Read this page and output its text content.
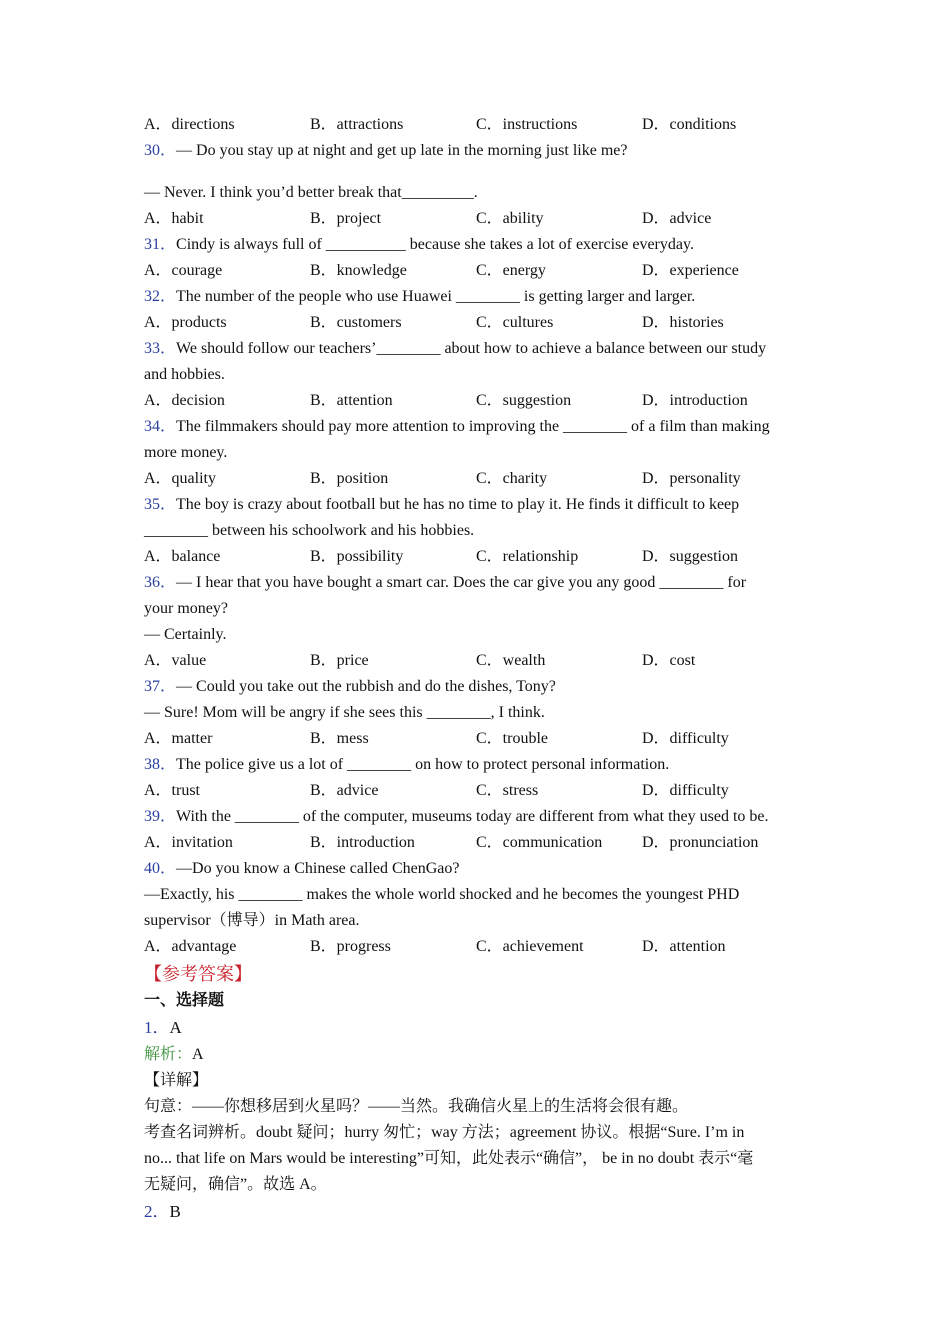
A．directions	B．attractions	C．instructions	D．conditions

30．— Do you stay up at night and get up late in the morning just like me?

— Never. I think you’d better break that_________.

A．habit	B．project	C．ability	D．advice

31．Cindy is always full of __________ because she takes a lot of exercise everyday.

A．courage	B．knowledge	C．energy	D．experience

32．The number of the people who use Huawei ________ is getting larger and larger.

A．products	B．customers	C．cultures	D．histories

33．We should follow our teachers’________ about how to achieve a balance between our study

and hobbies.

A．decision	B．attention	C．suggestion	D．introduction

34．The filmmakers should pay more attention to improving the ________ of a film than making

more money.

A．quality	B．position	C．charity	D．personality

35．The boy is crazy about football but he has no time to play it. He finds it difficult to keep

________ between his schoolwork and his hobbies.

A．balance	B．possibility	C．relationship	D．suggestion

36．— I hear that you have bought a smart car. Does the car give you any good ________ for

your money?

— Certainly.

A．value	B．price	C．wealth	D．cost

37．— Could you take out the rubbish and do the dishes, Tony?

— Sure! Mom will be angry if she sees this ________, I think.

A．matter	B．mess	C．trouble	D．difficulty

38．The police give us a lot of ________ on how to protect personal information.

A．trust	B．advice	C．stress	D．difficulty

39．With the ________ of the computer, museums today are different from what they used to be.

A．invitation	B．introduction	C．communication	D．pronunciation

40．—Do you know a Chinese called ChenGao?

—Exactly, his ________ makes the whole world shocked and he becomes the youngest PHD

supervisor（博导）in Math area.

A．advantage	B．progress	C．achievement	D．attention

【参考答案】

一、选择题

1．A

解析：A

【详解】

句意：——你想移居到火星吗？——当然。我确信火星上的生活将会很有趣。

考查名词辨析。doubt 疑问；hurry 匆忙；way 方法；agreement 协议。根据“Sure. I’m in

no... that life on Mars would be interesting”可知，此处表示“确信”， be in no doubt 表示“毫

无疑问，确信”。故选 A。

2．B
